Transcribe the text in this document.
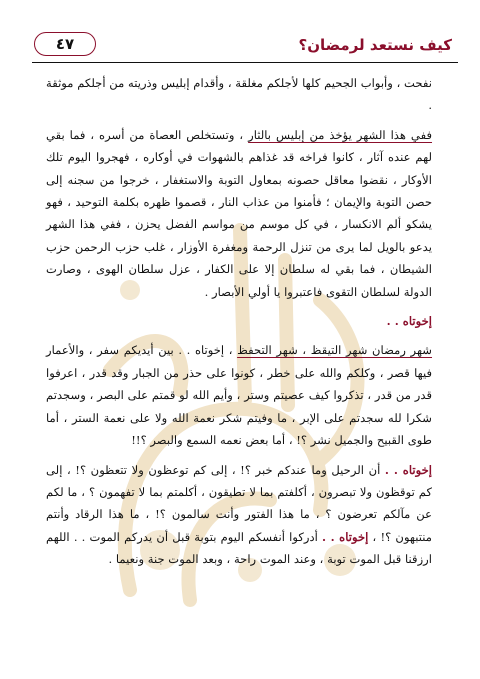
كيف نستعد لرمضان؟
٤٧

نفحت ، وأبواب الجحيم كلها لأجلكم مغلقة ، وأقدام إبليس وذريته من أجلكم موثقة .

ففي هذا الشهر يؤخذ من إبليس بالثار ، وتستخلص العصاة من أسره ، فما بقي لهم عنده آثار ، كانوا فراخه قد غذاهم بالشهوات في أوكاره ، فهجروا اليوم تلك الأوكار ، نقضوا معاقل حصونه بمعاول التوبة والاستغفار ، خرجوا من سجنه إلى حصن التوبة والإيمان ؛ فأمنوا من عذاب النار ، قصموا ظهره بكلمة التوحيد ، فهو يشكو ألم الانكسار ، في كل موسم من مواسم الفضل يحزن ، ففي هذا الشهر يدعو بالويل لما يرى من تنزل الرحمة ومغفرة الأوزار ، غلب حزب الرحمن حزب الشيطان ، فما بقي له سلطان إلا على الكفار ، عزل سلطان الهوى ، وصارت الدولة لسلطان التقوى فاعتبروا يا أولي الأبصار .

إخوتاه . .

شهر رمضان شهر التيقظ ، شهر التحفظ ، إخوتاه . . بين أيديكم سفر ، والأعمار فيها قصر ، وكلكم والله على خطر ، كونوا على حذر من الجبار وقد قدر ، اعرفوا قدر من قدر ، تذكروا كيف عصيتم وستر ، وأيم الله لو قمتم على البصر ، وسجدتم شكرا لله سجدتم على الإبر ، ما وفيتم شكر نعمة الله ولا على نعمة الستر ، أما طوى القبيح والجميل نشر ؟! ، أما بعض نعمه السمع والبصر ؟!!

إخوتاه . . أن الرحيل وما عندكم خبر ؟! ، إلى كم توعظون ولا تتعظون ؟! ، إلى كم توقظون ولا تبصرون ، أكلفتم بما لا تطيقون ، أكلمتم بما لا تفهمون ؟ ، ما لكم عن مآلكم تعرضون ؟ ، ما هذا الفتور وأنت سالمون ؟! ، ما هذا الرقاد وأنتم منتبهون ؟! ، إخوتاه . . أدركوا أنفسكم اليوم بتوبة قبل أن يدركم الموت . . اللهم ارزقنا قبل الموت توبة ، وعند الموت راحة ، وبعد الموت جنة ونعيما .
